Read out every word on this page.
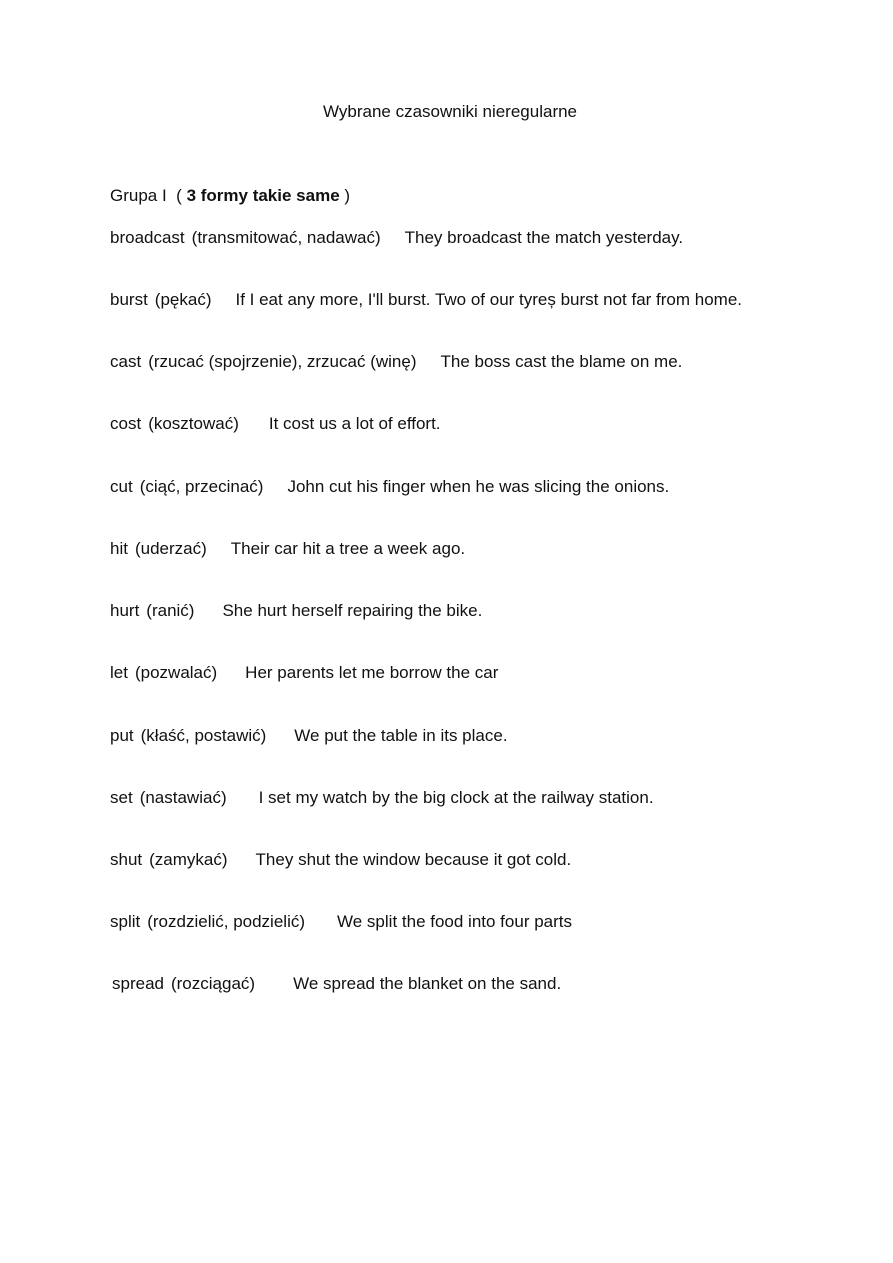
Wybrane czasowniki nieregularne
Grupa I ( 3 formy takie same )
broadcast (transmitować, nadawać) They broadcast the match yesterday.
burst (pękać) If I eat any more, I'll burst. Two of our tyreș burst not far from home.
cast (rzucać (spojrzenie), zrzucać (winę) The boss cast the blame on me.
cost (kosztować) It cost us a lot of effort.
cut (ciąć, przecinać) John cut his finger when he was slicing the onions.
hit (uderzać) Their car hit a tree a week ago.
hurt (ranić) She hurt herself repairing the bike.
let (pozwalać) Her parents let me borrow the car
put (kłaść, postawić) We put the table in its place.
set (nastawiać) I set my watch by the big clock at the railway station.
shut (zamykać) They shut the window because it got cold.
split (rozdzielić, podzielić) We split the food into four parts
spread (rozciągać) We spread the blanket on the sand.
